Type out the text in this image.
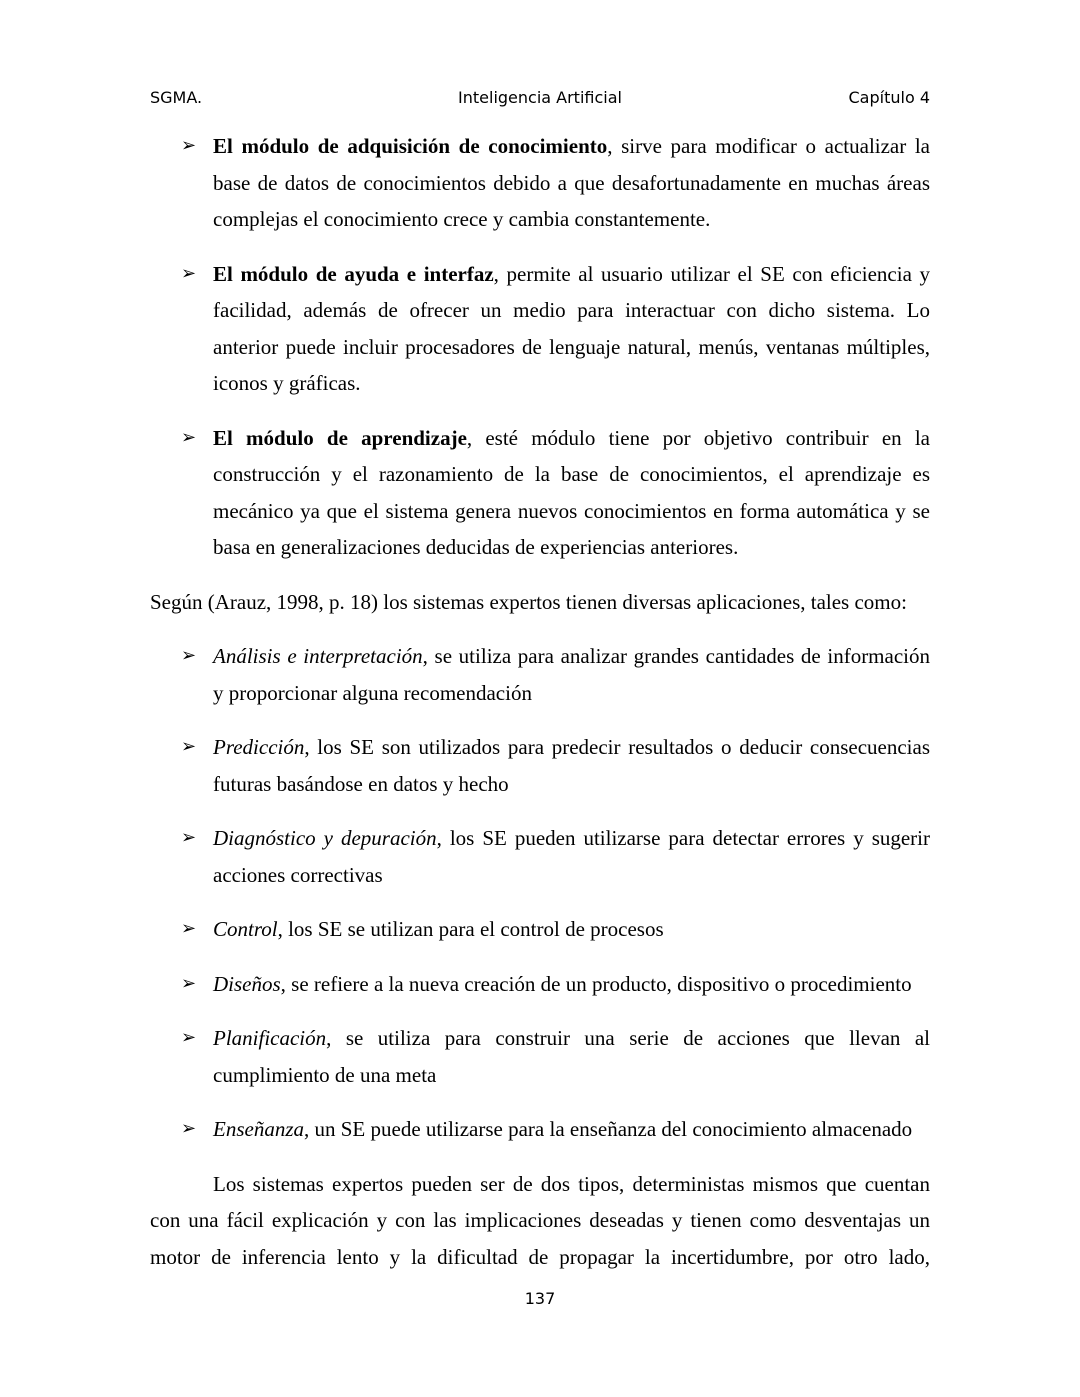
SGMA.	Inteligencia Artificial	Capítulo 4
➢ El módulo de adquisición de conocimiento, sirve para modificar o actualizar la base de datos de conocimientos debido a que desafortunadamente en muchas áreas complejas el conocimiento crece y cambia constantemente.
➢ El módulo de ayuda e interfaz, permite al usuario utilizar el SE con eficiencia y facilidad, además de ofrecer un medio para interactuar con dicho sistema. Lo anterior puede incluir procesadores de lenguaje natural, menús, ventanas múltiples, iconos y gráficas.
➢ El módulo de aprendizaje, esté módulo tiene por objetivo contribuir en la construcción y el razonamiento de la base de conocimientos, el aprendizaje es mecánico ya que el sistema genera nuevos conocimientos en forma automática y se basa en generalizaciones deducidas de experiencias anteriores.
Según (Arauz, 1998, p. 18) los sistemas expertos tienen diversas aplicaciones, tales como:
➢ Análisis e interpretación, se utiliza para analizar grandes cantidades de información y proporcionar alguna recomendación
➢ Predicción, los SE son utilizados para predecir resultados o deducir consecuencias futuras basándose en datos y hecho
➢ Diagnóstico y depuración, los SE pueden utilizarse para detectar errores y sugerir acciones correctivas
➢ Control, los SE se utilizan para el control de procesos
➢ Diseños, se refiere a la nueva creación de un producto, dispositivo o procedimiento
➢ Planificación, se utiliza para construir una serie de acciones que llevan al cumplimiento de una meta
➢ Enseñanza, un SE puede utilizarse para la enseñanza del conocimiento almacenado
Los sistemas expertos pueden ser de dos tipos, deterministas mismos que cuentan con una fácil explicación y con las implicaciones deseadas y tienen como desventajas un motor de inferencia lento y la dificultad de propagar la incertidumbre, por otro lado,
137
